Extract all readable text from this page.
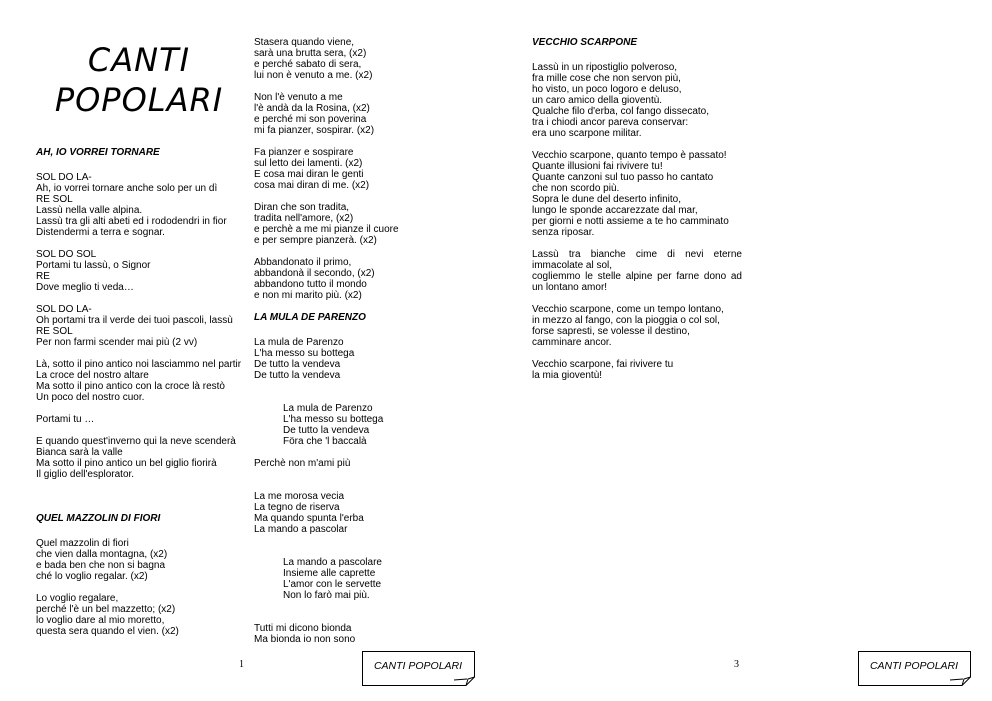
CANTI
POPOLARI
AH, IO VORREI TORNARE
SOL DO LA-
Ah, io vorrei tornare anche solo per un dì
RE SOL
Lassù nella valle alpina.
Lassù tra gli alti abeti ed i rododendri in fior
Distendermi a terra e sognar.
SOL DO SOL
Portami tu lassù, o Signor
RE
Dove meglio ti veda…
SOL DO LA-
Oh portami tra il verde dei tuoi pascoli, lassù
RE SOL
Per non farmi scender mai più (2 vv)
Là, sotto il pino antico noi lasciammo nel partir
La croce del nostro altare
Ma sotto il pino antico con la croce là restò
Un poco del nostro cuor.
Portami tu …
E quando quest'inverno qui la neve scenderà
Bianca sarà la valle
Ma sotto il pino antico un bel giglio fiorirà
Il giglio dell'esplorator.
QUEL MAZZOLIN DI FIORI
Quel mazzolin di fiori
che vien dalla montagna, (x2)
e bada ben che non si bagna
ché lo voglio regalar. (x2)
Lo voglio regalare,
perché l'è un bel mazzetto; (x2)
lo voglio dare al mio moretto,
questa sera quando el vien. (x2)
Stasera quando viene,
sarà una brutta sera, (x2)
e perché sabato di sera,
lui non è venuto a me. (x2)
Non l'è venuto a me
l'è andà da la Rosina, (x2)
e perché mi son poverina
mi fa pianzer, sospirar. (x2)
Fa pianzer e sospirare
sul letto dei lamenti. (x2)
E cosa mai diran le genti
cosa mai diran di me. (x2)
Diran che son tradita,
tradita nell'amore, (x2)
e perchè a me mi pianze il cuore
e per sempre pianzerà. (x2)
Abbandonato il primo,
abbandonà il secondo, (x2)
abbandono tutto il mondo
e non mi marito più. (x2)
LA MULA DE PARENZO
La mula de Parenzo
L'ha messo su bottega
De tutto la vendeva
De tutto la vendeva
La mula de Parenzo
L'ha messo su bottega
De tutto la vendeva
Föra che 'l baccalà
Perchè non m'ami più
La me morosa vecia
La tegno de riserva
Ma quando spunta l'erba
La mando a pascolar
La mando a pascolare
Insieme alle caprette
L'amor con le servette
Non lo farò mai più.
Tutti mi dicono bionda
Ma bionda io non sono
1	CANTI POPOLARI
VECCHIO SCARPONE
Lassù in un ripostiglio polveroso,
fra mille cose che non servon più,
ho visto, un poco logoro e deluso,
un caro amico della gioventù.
Qualche filo d'erba, col fango dissecato,
tra i chiodi ancor pareva conservar:
era uno scarpone militar.
Vecchio scarpone, quanto tempo è passato!
Quante illusioni fai rivivere tu!
Quante canzoni sul tuo passo ho cantato
che non scordo più.
Sopra le dune del deserto infinito,
lungo le sponde accarezzate dal mar,
per giorni e notti assieme a te ho camminato
senza riposar.
Lassù tra bianche cime di nevi eterne immacolate al sol,
cogliemmo le stelle alpine per farne dono ad un lontano amor!
Vecchio scarpone, come un tempo lontano,
in mezzo al fango, con la pioggia o col sol,
forse sapresti, se volesse il destino,
camminare ancor.
Vecchio scarpone, fai rivivere tu
la mia gioventù!
3	CANTI POPOLARI
